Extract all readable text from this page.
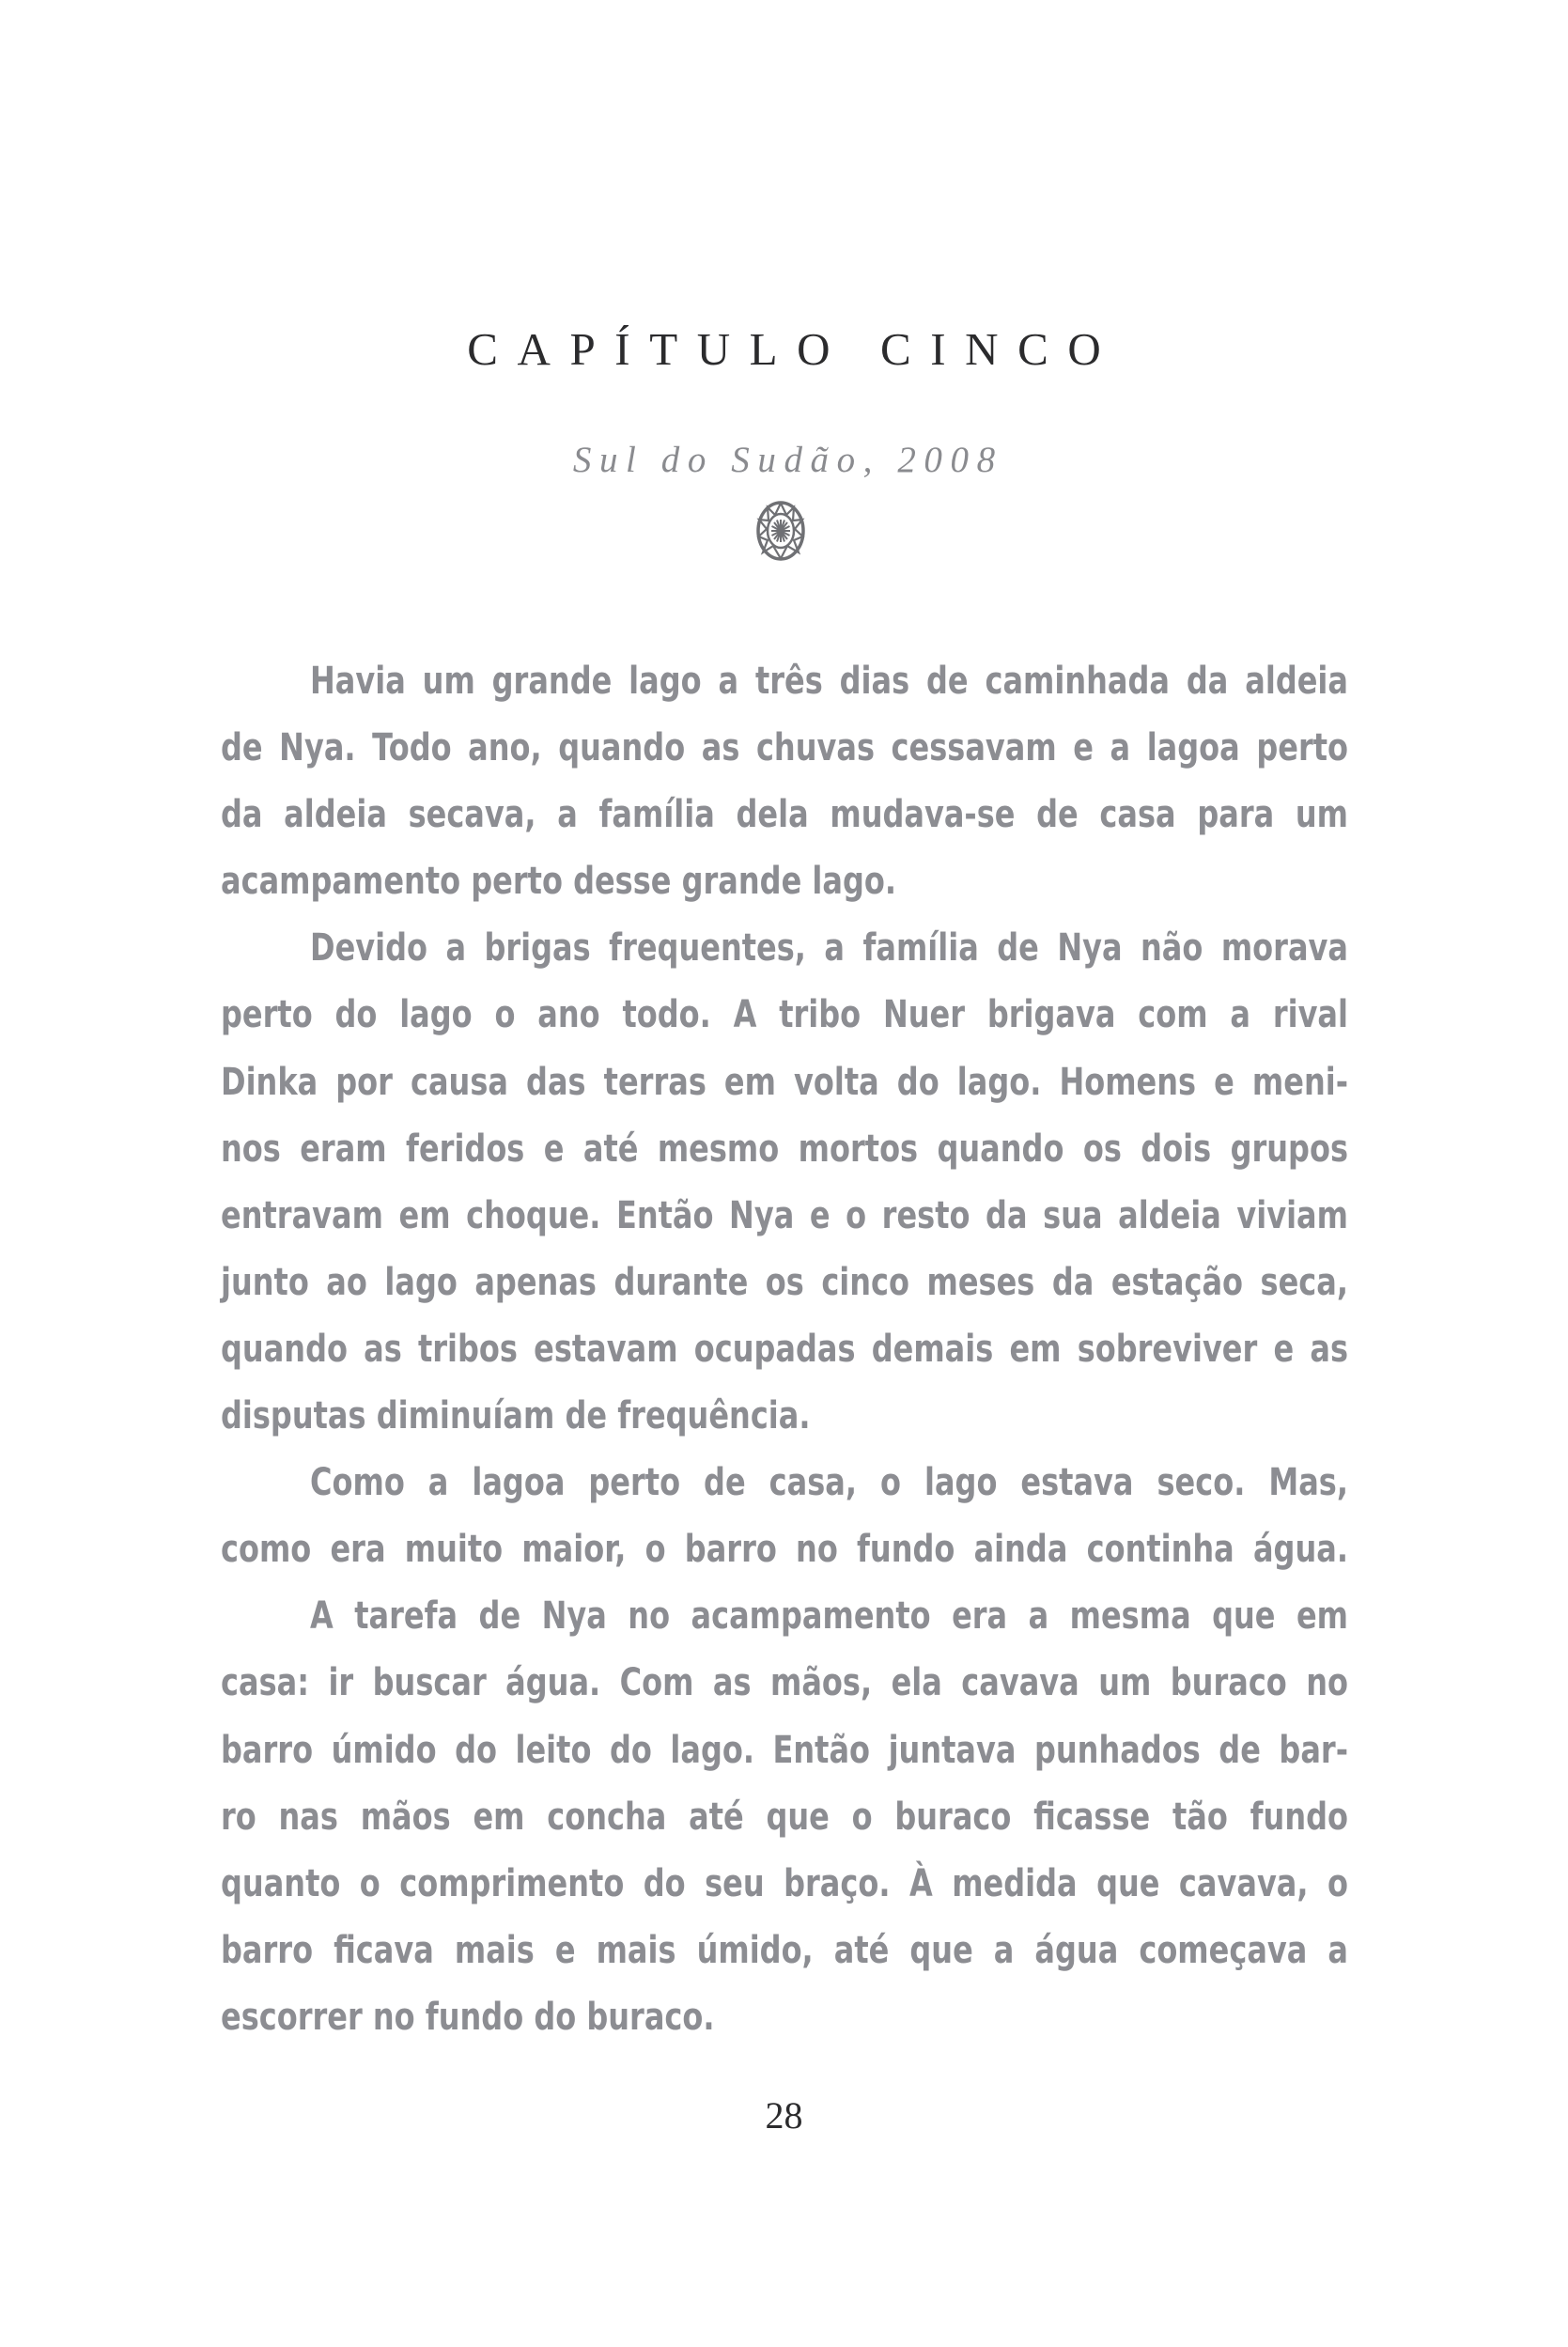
CAPÍTULO CINCO
Sul do Sudão, 2008
Havia um grande lago a três dias de caminhada da aldeia
de Nya. Todo ano, quando as chuvas cessavam e a lagoa perto
da aldeia secava, a família dela mudava-se de casa para um
acampamento perto desse grande lago.
Devido a brigas frequentes, a família de Nya não morava
perto do lago o ano todo. A tribo Nuer brigava com a rival
Dinka por causa das terras em volta do lago. Homens e meni-
nos eram feridos e até mesmo mortos quando os dois grupos
entravam em choque. Então Nya e o resto da sua aldeia viviam
junto ao lago apenas durante os cinco meses da estação seca,
quando as tribos estavam ocupadas demais em sobreviver e as
disputas diminuíam de frequência.
Como a lagoa perto de casa, o lago estava seco. Mas,
como era muito maior, o barro no fundo ainda continha água.
A tarefa de Nya no acampamento era a mesma que em
casa: ir buscar água. Com as mãos, ela cavava um buraco no
barro úmido do leito do lago. Então juntava punhados de bar-
ro nas mãos em concha até que o buraco ficasse tão fundo
quanto o comprimento do seu braço. À medida que cavava, o
barro ficava mais e mais úmido, até que a água começava a
escorrer no fundo do buraco.
28
